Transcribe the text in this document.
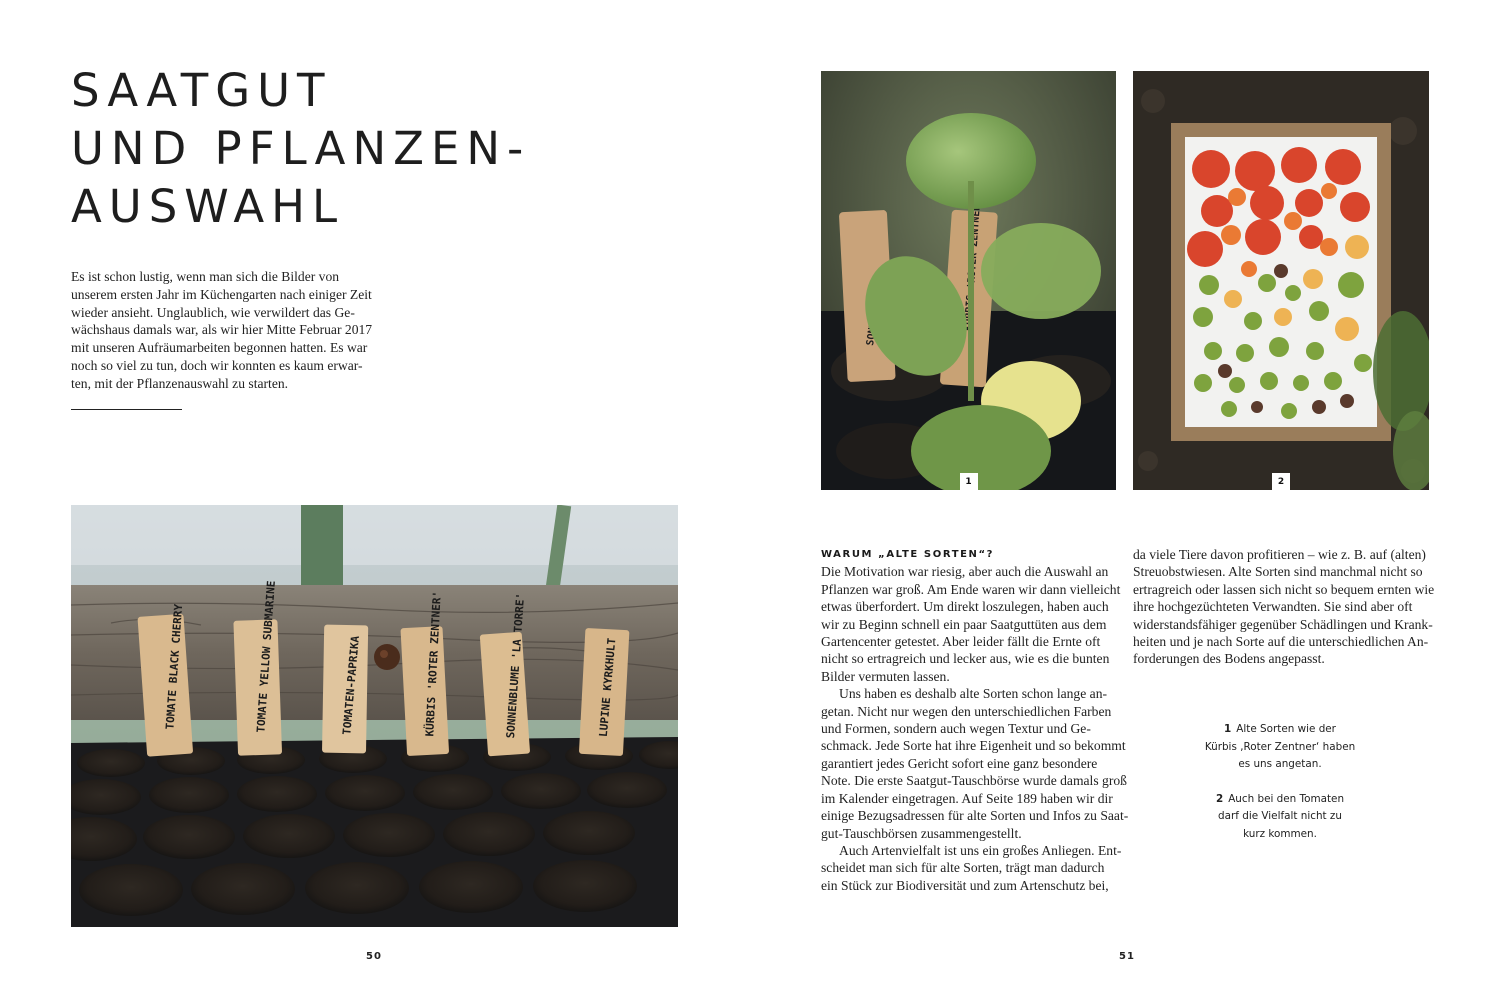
SAATGUT
UND PFLANZEN-
AUSWAHL
Es ist schon lustig, wenn man sich die Bilder von
unserem ersten Jahr im Küchengarten nach einiger Zeit
wieder ansieht. Unglaublich, wie verwildert das Ge-
wächshaus damals war, als wir hier Mitte Februar 2017
mit unseren Aufräumarbeiten begonnen hatten. Es war
noch so viel zu tun, doch wir konnten es kaum erwar-
ten, mit der Pflanzenauswahl zu starten.
TOMATE BLACK CHERRY	TOMATE YELLOW SUBMARINE	TOMATEN-PAPRIKA	KÜRBIS 'ROTER ZENTNER'	SONNENBLUME 'LA TORRE'	LUPINE KYRKHULT
50
ZENTNER'
1	2
WARUM „ALTE SORTEN“?
Die Motivation war riesig, aber auch die Auswahl an
Pflanzen war groß. Am Ende waren wir dann vielleicht
etwas überfordert. Um direkt loszulegen, haben auch
wir zu Beginn schnell ein paar Saatguttüten aus dem
Gartencenter getestet. Aber leider fällt die Ernte oft
nicht so ertragreich und lecker aus, wie es die bunten
Bilder vermuten lassen.
Uns haben es deshalb alte Sorten schon lange an-
getan. Nicht nur wegen den unterschiedlichen Farben
und Formen, sondern auch wegen Textur und Ge-
schmack. Jede Sorte hat ihre Eigenheit und so bekommt
garantiert jedes Gericht sofort eine ganz besondere
Note. Die erste Saatgut-Tauschbörse wurde damals groß
im Kalender eingetragen. Auf Seite 189 haben wir dir
einige Bezugsadressen für alte Sorten und Infos zu Saat-
gut-Tauschbörsen zusammengestellt.
Auch Artenvielfalt ist uns ein großes Anliegen. Ent-
scheidet man sich für alte Sorten, trägt man dadurch
ein Stück zur Biodiversität und zum Artenschutz bei,
da viele Tiere davon profitieren – wie z. B. auf (alten)
Streuobstwiesen. Alte Sorten sind manchmal nicht so
ertragreich oder lassen sich nicht so bequem ernten wie
ihre hochgezüchteten Verwandten. Sie sind aber oft
widerstandsfähiger gegenüber Schädlingen und Krank-
heiten und je nach Sorte auf die unterschiedlichen An-
forderungen des Bodens angepasst.
1 Alte Sorten wie der
Kürbis ‚Roter Zentner‘ haben
es uns angetan.
2 Auch bei den Tomaten
darf die Vielfalt nicht zu
kurz kommen.
51
